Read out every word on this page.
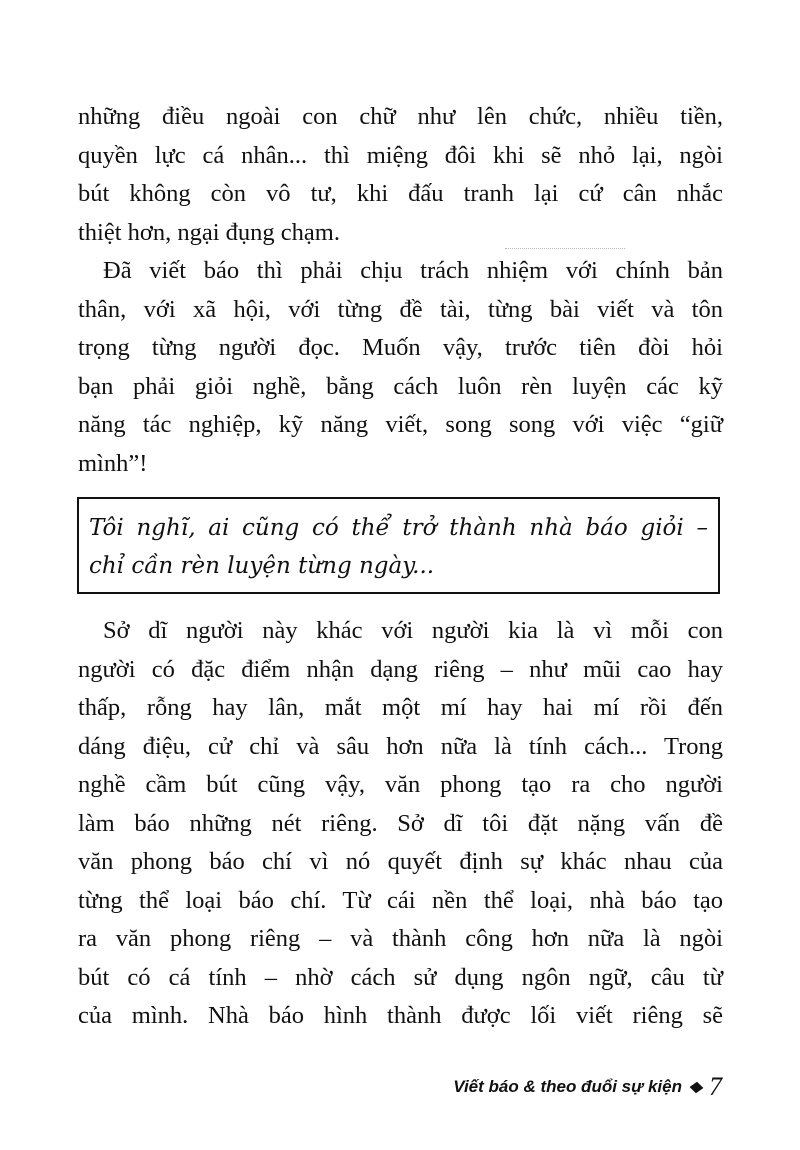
những điều ngoài con chữ như lên chức, nhiều tiền,
quyền lực cá nhân... thì miệng đôi khi sẽ nhỏ lại, ngòi
bút không còn vô tư, khi đấu tranh lại cứ cân nhắc
thiệt hơn, ngại đụng chạm.
Đã viết báo thì phải chịu trách nhiệm với chính bản
thân, với xã hội, với từng đề tài, từng bài viết và tôn
trọng từng người đọc. Muốn vậy, trước tiên đòi hỏi
bạn phải giỏi nghề, bằng cách luôn rèn luyện các kỹ
năng tác nghiệp, kỹ năng viết, song song với việc “giữ
mình”!
Tôi nghĩ, ai cũng có thể trở thành nhà báo giỏi –
chỉ cần rèn luyện từng ngày...
Sở dĩ người này khác với người kia là vì mỗi con
người có đặc điểm nhận dạng riêng – như mũi cao hay
thấp, rỗng hay lân, mắt một mí hay hai mí rồi đến
dáng điệu, cử chỉ và sâu hơn nữa là tính cách... Trong
nghề cầm bút cũng vậy, văn phong tạo ra cho người
làm báo những nét riêng. Sở dĩ tôi đặt nặng vấn đề
văn phong báo chí vì nó quyết định sự khác nhau của
từng thể loại báo chí. Từ cái nền thể loại, nhà báo tạo
ra văn phong riêng – và thành công hơn nữa là ngòi
bút có cá tính – nhờ cách sử dụng ngôn ngữ, câu từ
của mình. Nhà báo hình thành được lối viết riêng sẽ
Viết báo & theo đuổi sự kiện 7
